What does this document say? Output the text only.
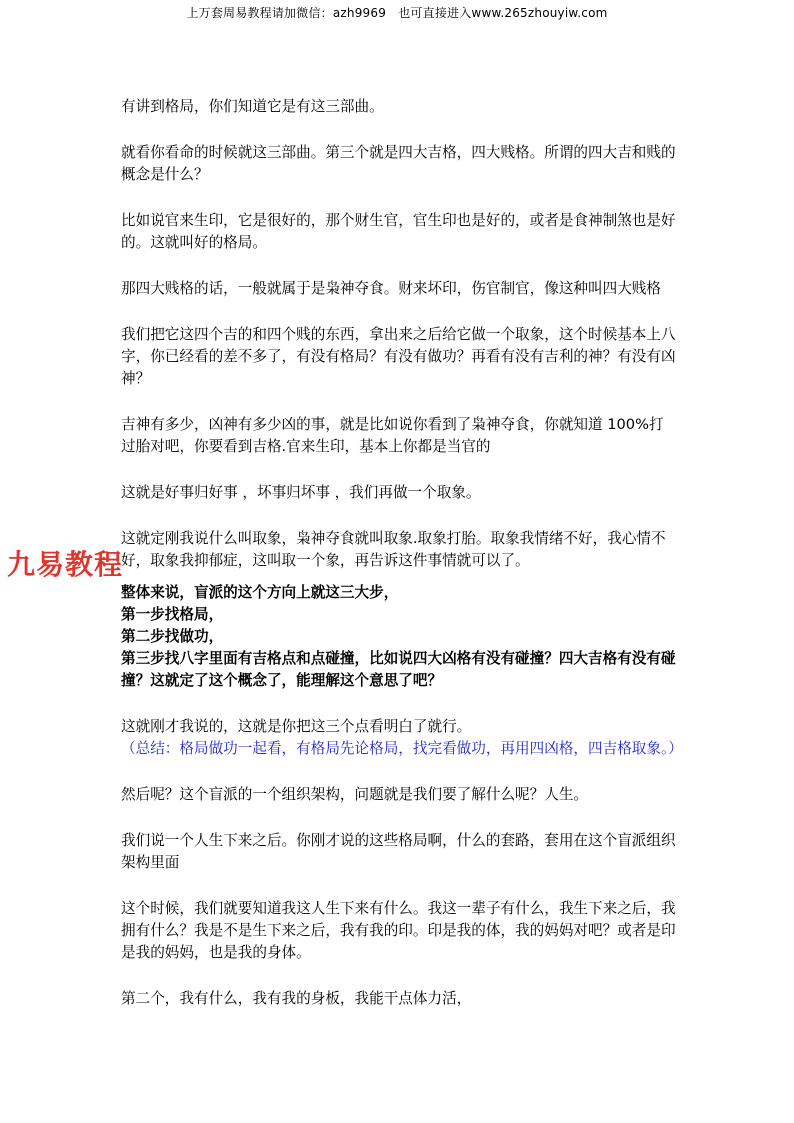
上万套周易教程请加微信：azh9969　也可直接进入www.265zhouyiw.com
九易教程

有讲到格局，你们知道它是有这三部曲。

就看你看命的时候就这三部曲。第三个就是四大吉格，四大贱格。所谓的四大吉和贱的概念是什么？

比如说官来生印，它是很好的，那个财生官，官生印也是好的，或者是食神制煞也是好的。这就叫好的格局。

那四大贱格的话，一般就属于是枭神夺食。财来坏印，伤官制官，像这种叫四大贱格

我们把它这四个吉的和四个贱的东西，拿出来之后给它做一个取象，这个时候基本上八字，你已经看的差不多了，有没有格局？有没有做功？再看有没有吉利的神？有没有凶神？

吉神有多少，凶神有多少凶的事，就是比如说你看到了枭神夺食，你就知道 100%打过胎对吧，你要看到吉格.官来生印，基本上你都是当官的

这就是好事归好事 ，坏事归坏事 ，我们再做一个取象。

这就定刚我说什么叫取象，枭神夺食就叫取象.取象打胎。取象我情绪不好，我心情不好，取象我抑郁症，这叫取一个象，再告诉这件事情就可以了。

整体来说，盲派的这个方向上就这三大步，
第一步找格局，
第二步找做功，
第三步找八字里面有吉格点和点碰撞，比如说四大凶格有没有碰撞？四大吉格有没有碰撞？这就定了这个概念了，能理解这个意思了吧？

这就刚才我说的，这就是你把这三个点看明白了就行。

（总结：格局做功一起看，有格局先论格局，找完看做功，再用四凶格，四吉格取象。）

然后呢？这个盲派的一个组织架构，问题就是我们要了解什么呢？人生。

我们说一个人生下来之后。你刚才说的这些格局啊，什么的套路，套用在这个盲派组织架构里面

这个时候，我们就要知道我这人生下来有什么。我这一辈子有什么，我生下来之后，我拥有什么？我是不是生下来之后，我有我的印。印是我的体，我的妈妈对吧？或者是印是我的妈妈，也是我的身体。

第二个，我有什么，我有我的身板，我能干点体力活，
